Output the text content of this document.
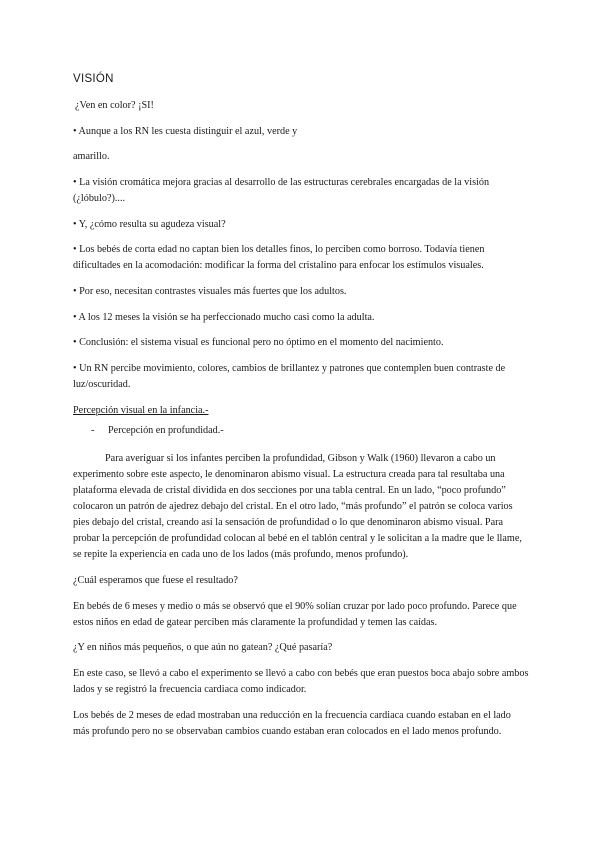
VISIÓN

¿Ven en color? ¡SI!

• Aunque a los RN les cuesta distinguir el azul, verde y

amarillo.

• La visión cromática mejora gracias al desarrollo de las estructuras cerebrales encargadas de la visión (¿lóbulo?)....

• Y, ¿cómo resulta su agudeza visual?

• Los bebés de corta edad no captan bien los detalles finos, lo perciben como borroso. Todavía tienen dificultades en la acomodación: modificar la forma del cristalino para enfocar los estímulos visuales.

• Por eso, necesitan contrastes visuales más fuertes que los adultos.

• A los 12 meses la visión se ha perfeccionado mucho casi como la adulta.

• Conclusión: el sistema visual es funcional pero no óptimo en el momento del nacimiento.

• Un RN percibe movimiento, colores, cambios de brillantez y patrones que contemplen buen contraste de luz/oscuridad.

Percepción visual en la infancia.-

- Percepción en profundidad.-

Para averiguar si los infantes perciben la profundidad, Gibson y Walk (1960) llevaron a cabo un experimento sobre este aspecto, le denominaron abismo visual. La estructura creada para tal resultaba una plataforma elevada de cristal dividida en dos secciones por una tabla central. En un lado, “poco profundo” colocaron un patrón de ajedrez debajo del cristal. En el otro lado, “más profundo” el patrón se coloca varios pies debajo del cristal, creando así la sensación de profundidad o lo que denominaron abismo visual. Para probar la percepción de profundidad colocan al bebé en el tablón central y le solicitan a la madre que le llame, se repite la experiencia en cada uno de los lados (más profundo, menos profundo).

¿Cuál esperamos que fuese el resultado?

En bebés de 6 meses y medio o más se observó que el 90% solían cruzar por lado poco profundo. Parece que estos niños en edad de gatear perciben más claramente la profundidad y temen las caídas.

¿Y en niños más pequeños, o que aún no gatean? ¿Qué pasaría?

En este caso, se llevó a cabo el experimento se llevó a cabo con bebés que eran puestos boca abajo sobre ambos lados y se registró la frecuencia cardiaca como indicador.

Los bebés de 2 meses de edad mostraban una reducción en la frecuencia cardiaca cuando estaban en el lado más profundo pero no se observaban cambios cuando estaban eran colocados en el lado menos profundo.
